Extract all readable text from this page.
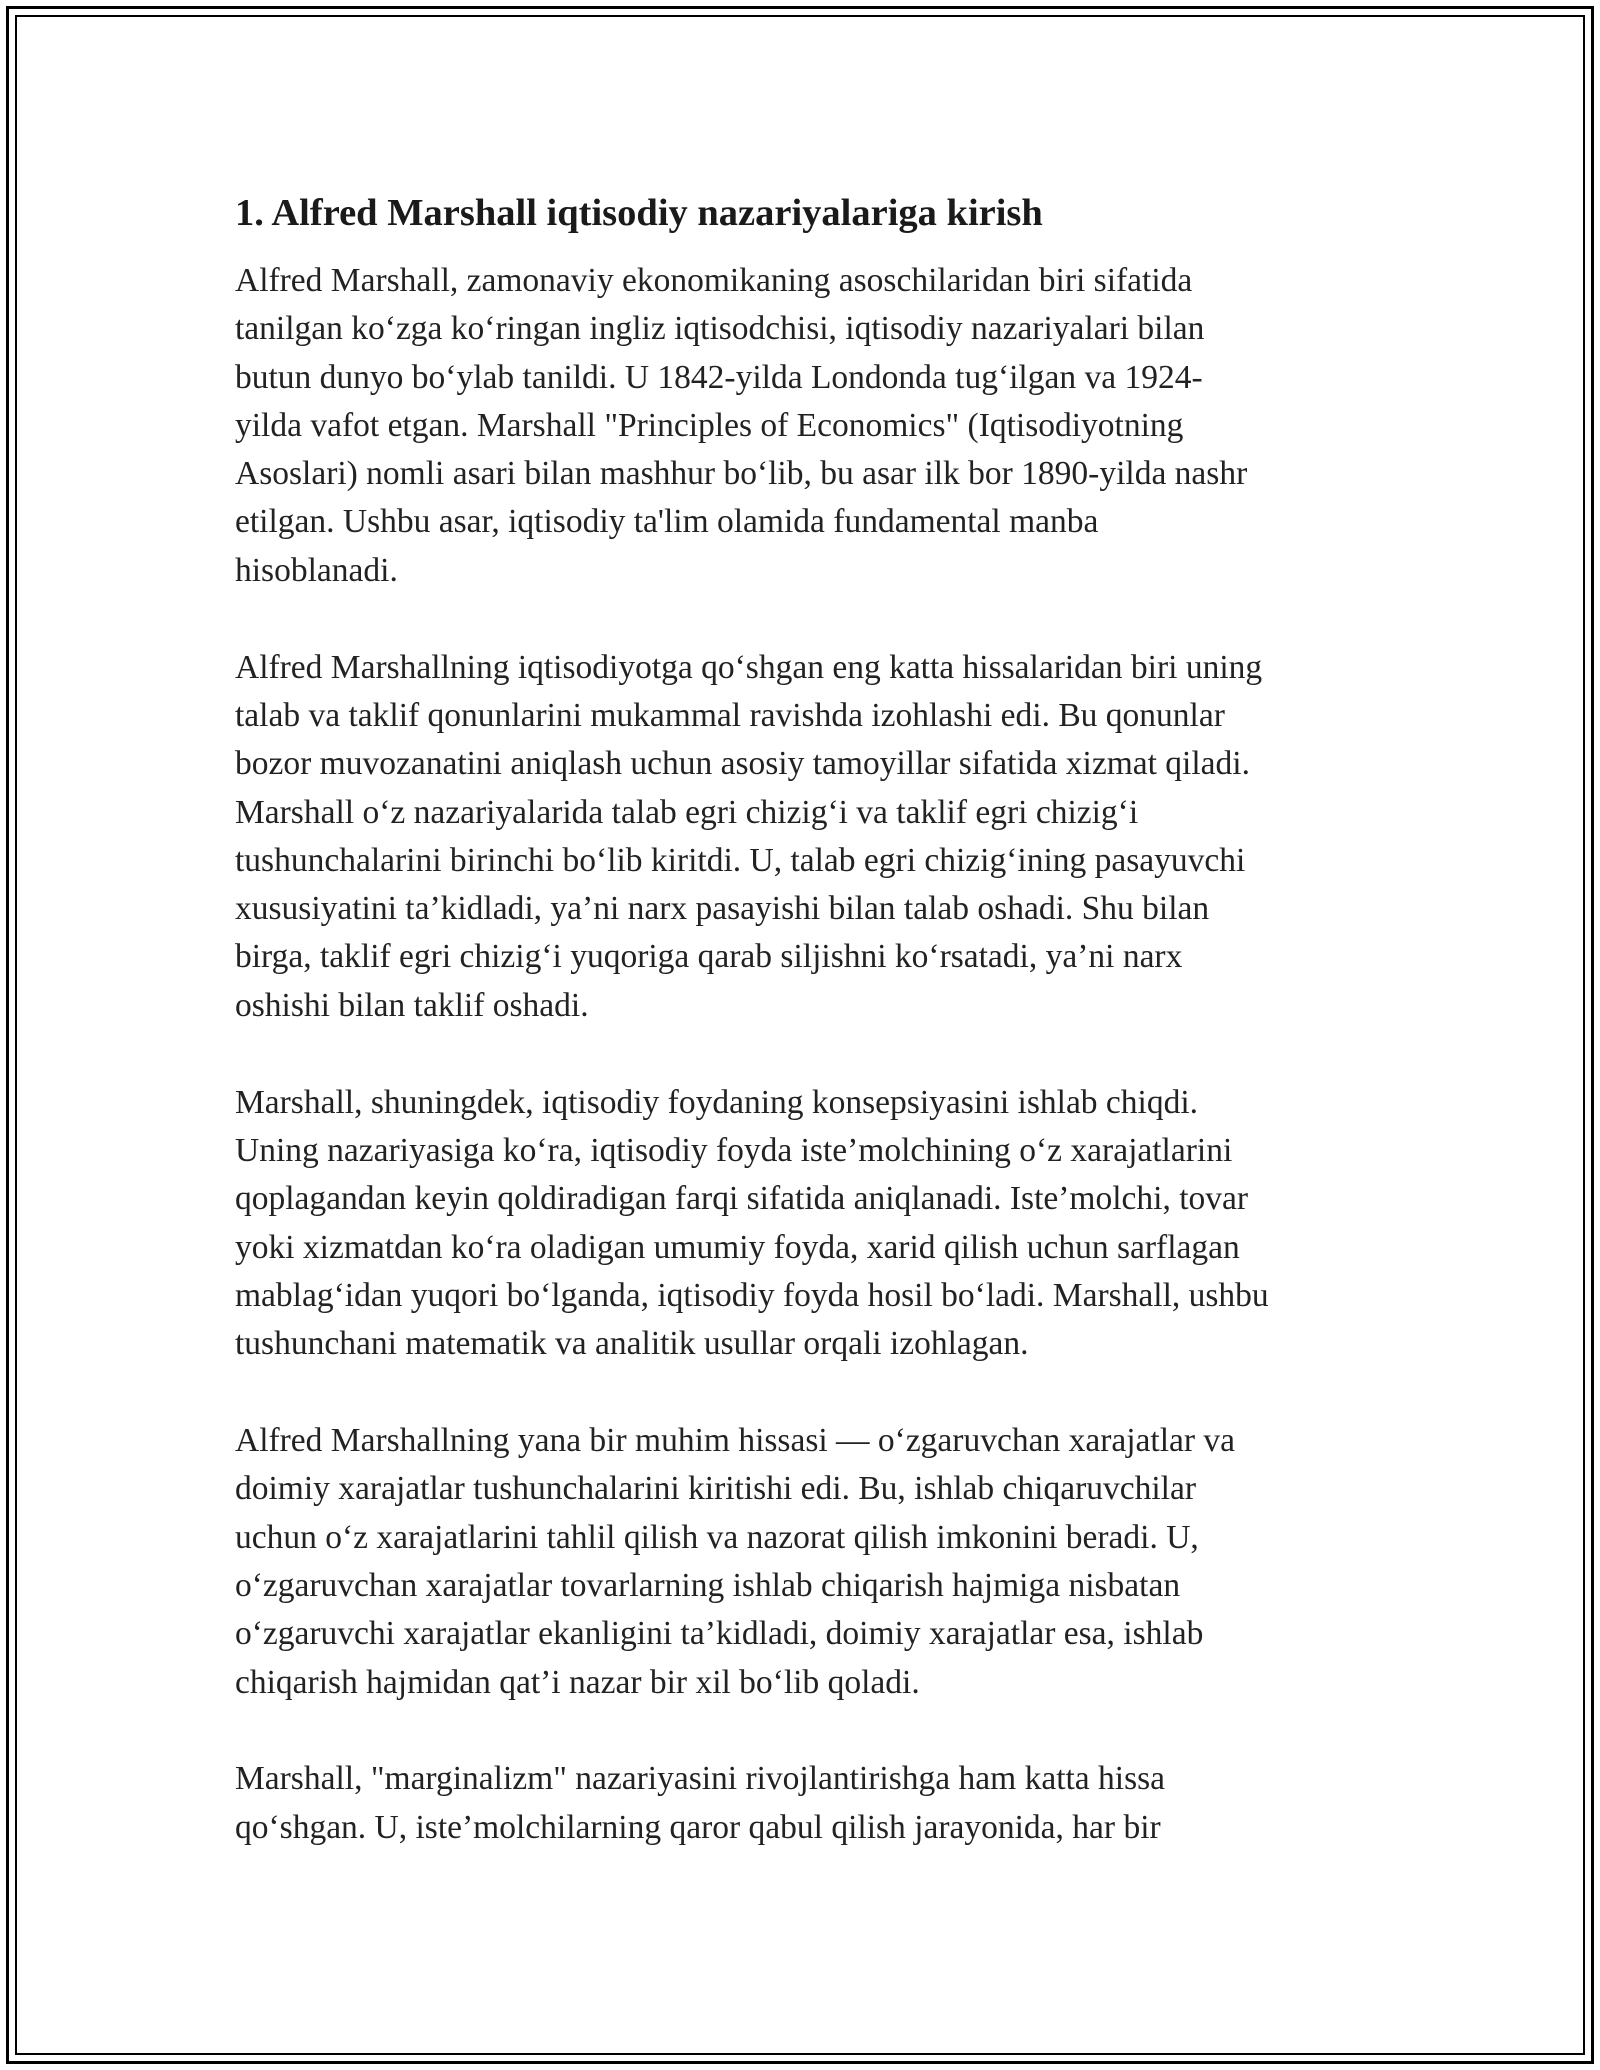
1. Alfred Marshall iqtisodiy nazariyalariga kirish

Alfred Marshall, zamonaviy ekonomikaning asoschilaridan biri sifatida
tanilgan ko‘zga ko‘ringan ingliz iqtisodchisi, iqtisodiy nazariyalari bilan
butun dunyo bo‘ylab tanildi. U 1842-yilda Londonda tug‘ilgan va 1924-
yilda vafot etgan. Marshall "Principles of Economics" (Iqtisodiyotning
Asoslari) nomli asari bilan mashhur bo‘lib, bu asar ilk bor 1890-yilda nashr
etilgan. Ushbu asar, iqtisodiy ta'lim olamida fundamental manba
hisoblanadi.

Alfred Marshallning iqtisodiyotga qo‘shgan eng katta hissalaridan biri uning
talab va taklif qonunlarini mukammal ravishda izohlashi edi. Bu qonunlar
bozor muvozanatini aniqlash uchun asosiy tamoyillar sifatida xizmat qiladi.
Marshall o‘z nazariyalarida talab egri chizig‘i va taklif egri chizig‘i
tushunchalarini birinchi bo‘lib kiritdi. U, talab egri chizig‘ining pasayuvchi
xususiyatini ta’kidladi, ya’ni narx pasayishi bilan talab oshadi. Shu bilan
birga, taklif egri chizig‘i yuqoriga qarab siljishni ko‘rsatadi, ya’ni narx
oshishi bilan taklif oshadi.

Marshall, shuningdek, iqtisodiy foydaning konsepsiyasini ishlab chiqdi.
Uning nazariyasiga ko‘ra, iqtisodiy foyda iste’molchining o‘z xarajatlarini
qoplagandan keyin qoldiradigan farqi sifatida aniqlanadi. Iste’molchi, tovar
yoki xizmatdan ko‘ra oladigan umumiy foyda, xarid qilish uchun sarflagan
mablag‘idan yuqori bo‘lganda, iqtisodiy foyda hosil bo‘ladi. Marshall, ushbu
tushunchani matematik va analitik usullar orqali izohlagan.

Alfred Marshallning yana bir muhim hissasi — o‘zgaruvchan xarajatlar va
doimiy xarajatlar tushunchalarini kiritishi edi. Bu, ishlab chiqaruvchilar
uchun o‘z xarajatlarini tahlil qilish va nazorat qilish imkonini beradi. U,
o‘zgaruvchan xarajatlar tovarlarning ishlab chiqarish hajmiga nisbatan
o‘zgaruvchi xarajatlar ekanligini ta’kidladi, doimiy xarajatlar esa, ishlab
chiqarish hajmidan qat’i nazar bir xil bo‘lib qoladi.

Marshall, "marginalizm" nazariyasini rivojlantirishga ham katta hissa
qo‘shgan. U, iste’molchilarning qaror qabul qilish jarayonida, har bir
